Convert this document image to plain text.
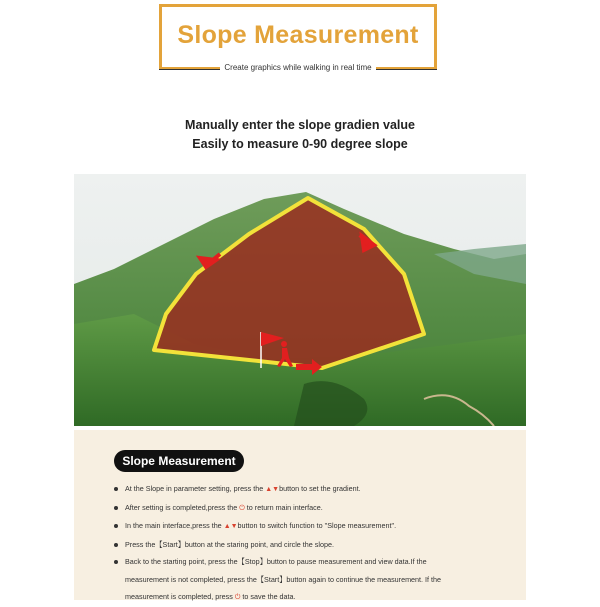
Slope Measurement
Create graphics while walking in real time
Manually enter the slope gradien value
Easily to measure 0-90 degree slope
Slope Measurement
At the Slope in parameter setting, press the ▲▼button to set the gradient.
After setting is completed,press the ⏻ to return main interface.
In the main interface,press the ▲▼button to switch function to "Slope measurement".
Press the【Start】button at the staring point, and circle the slope.
Back to the starting point, press the【Stop】button to pause measurement and view data.If the
measurement is not completed, press the【Start】button again to continue the measurement. If the
measurement is completed, press ⏻ to save the data.
